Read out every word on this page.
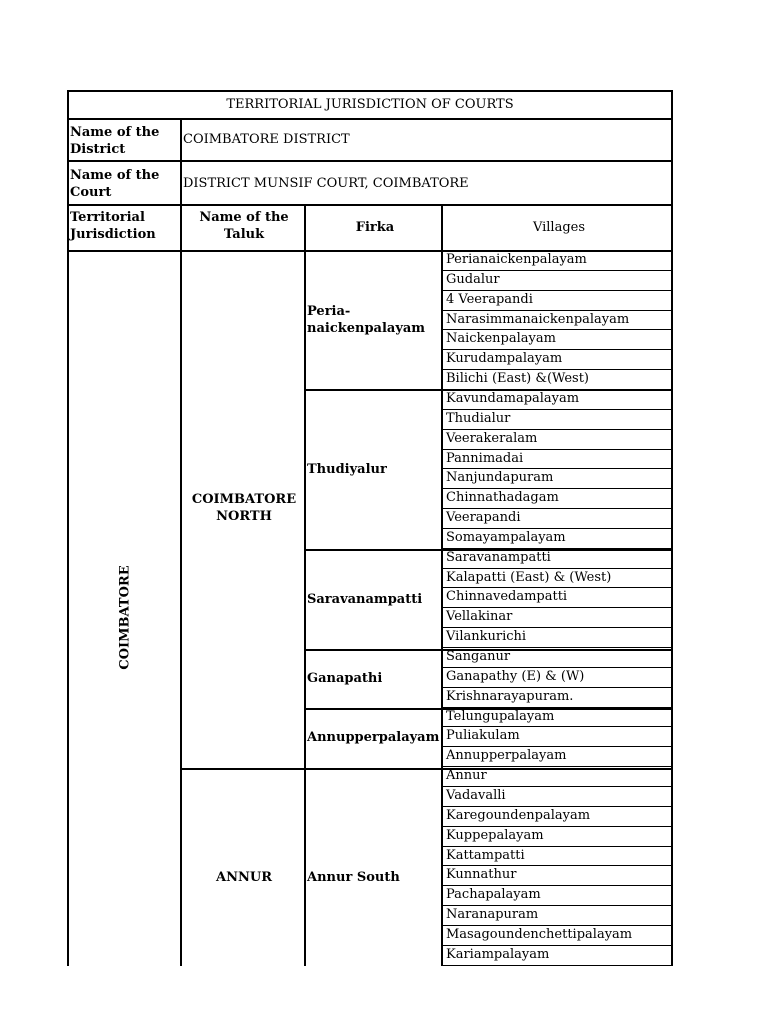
TERRITORIAL JURISDICTION OF COURTS
Name of the District
COIMBATORE DISTRICT
Name of the Court
DISTRICT MUNSIF COURT, COIMBATORE
Territorial Jurisdiction
Name of the Taluk	Firka	Villages
COIMBATORE
COIMBATORE NORTH
ANNUR
Peria- naickenpalayam
Thudiyalur
Saravanampatti
Ganapathi
Annupperpalayam
Annur South
Perianaickenpalayam
Gudalur
4 Veerapandi
Narasimmanaickenpalayam
Naickenpalayam
Kurudampalayam
Bilichi (East) &(West)
Kavundamapalayam
Thudialur
Veerakeralam
Pannimadai
Nanjundapuram
Chinnathadagam
Veerapandi
Somayampalayam
Saravanampatti
Kalapatti (East) & (West)
Chinnavedampatti
Vellakinar
Vilankurichi
Sanganur
Ganapathy (E) & (W)
Krishnarayapuram.
Telungupalayam
Puliakulam
Annupperpalayam
Annur
Vadavalli
Karegoundenpalayam
Kuppepalayam
Kattampatti
Kunnathur
Pachapalayam
Naranapuram
Masagoundenchettipalayam
Kariampalayam
